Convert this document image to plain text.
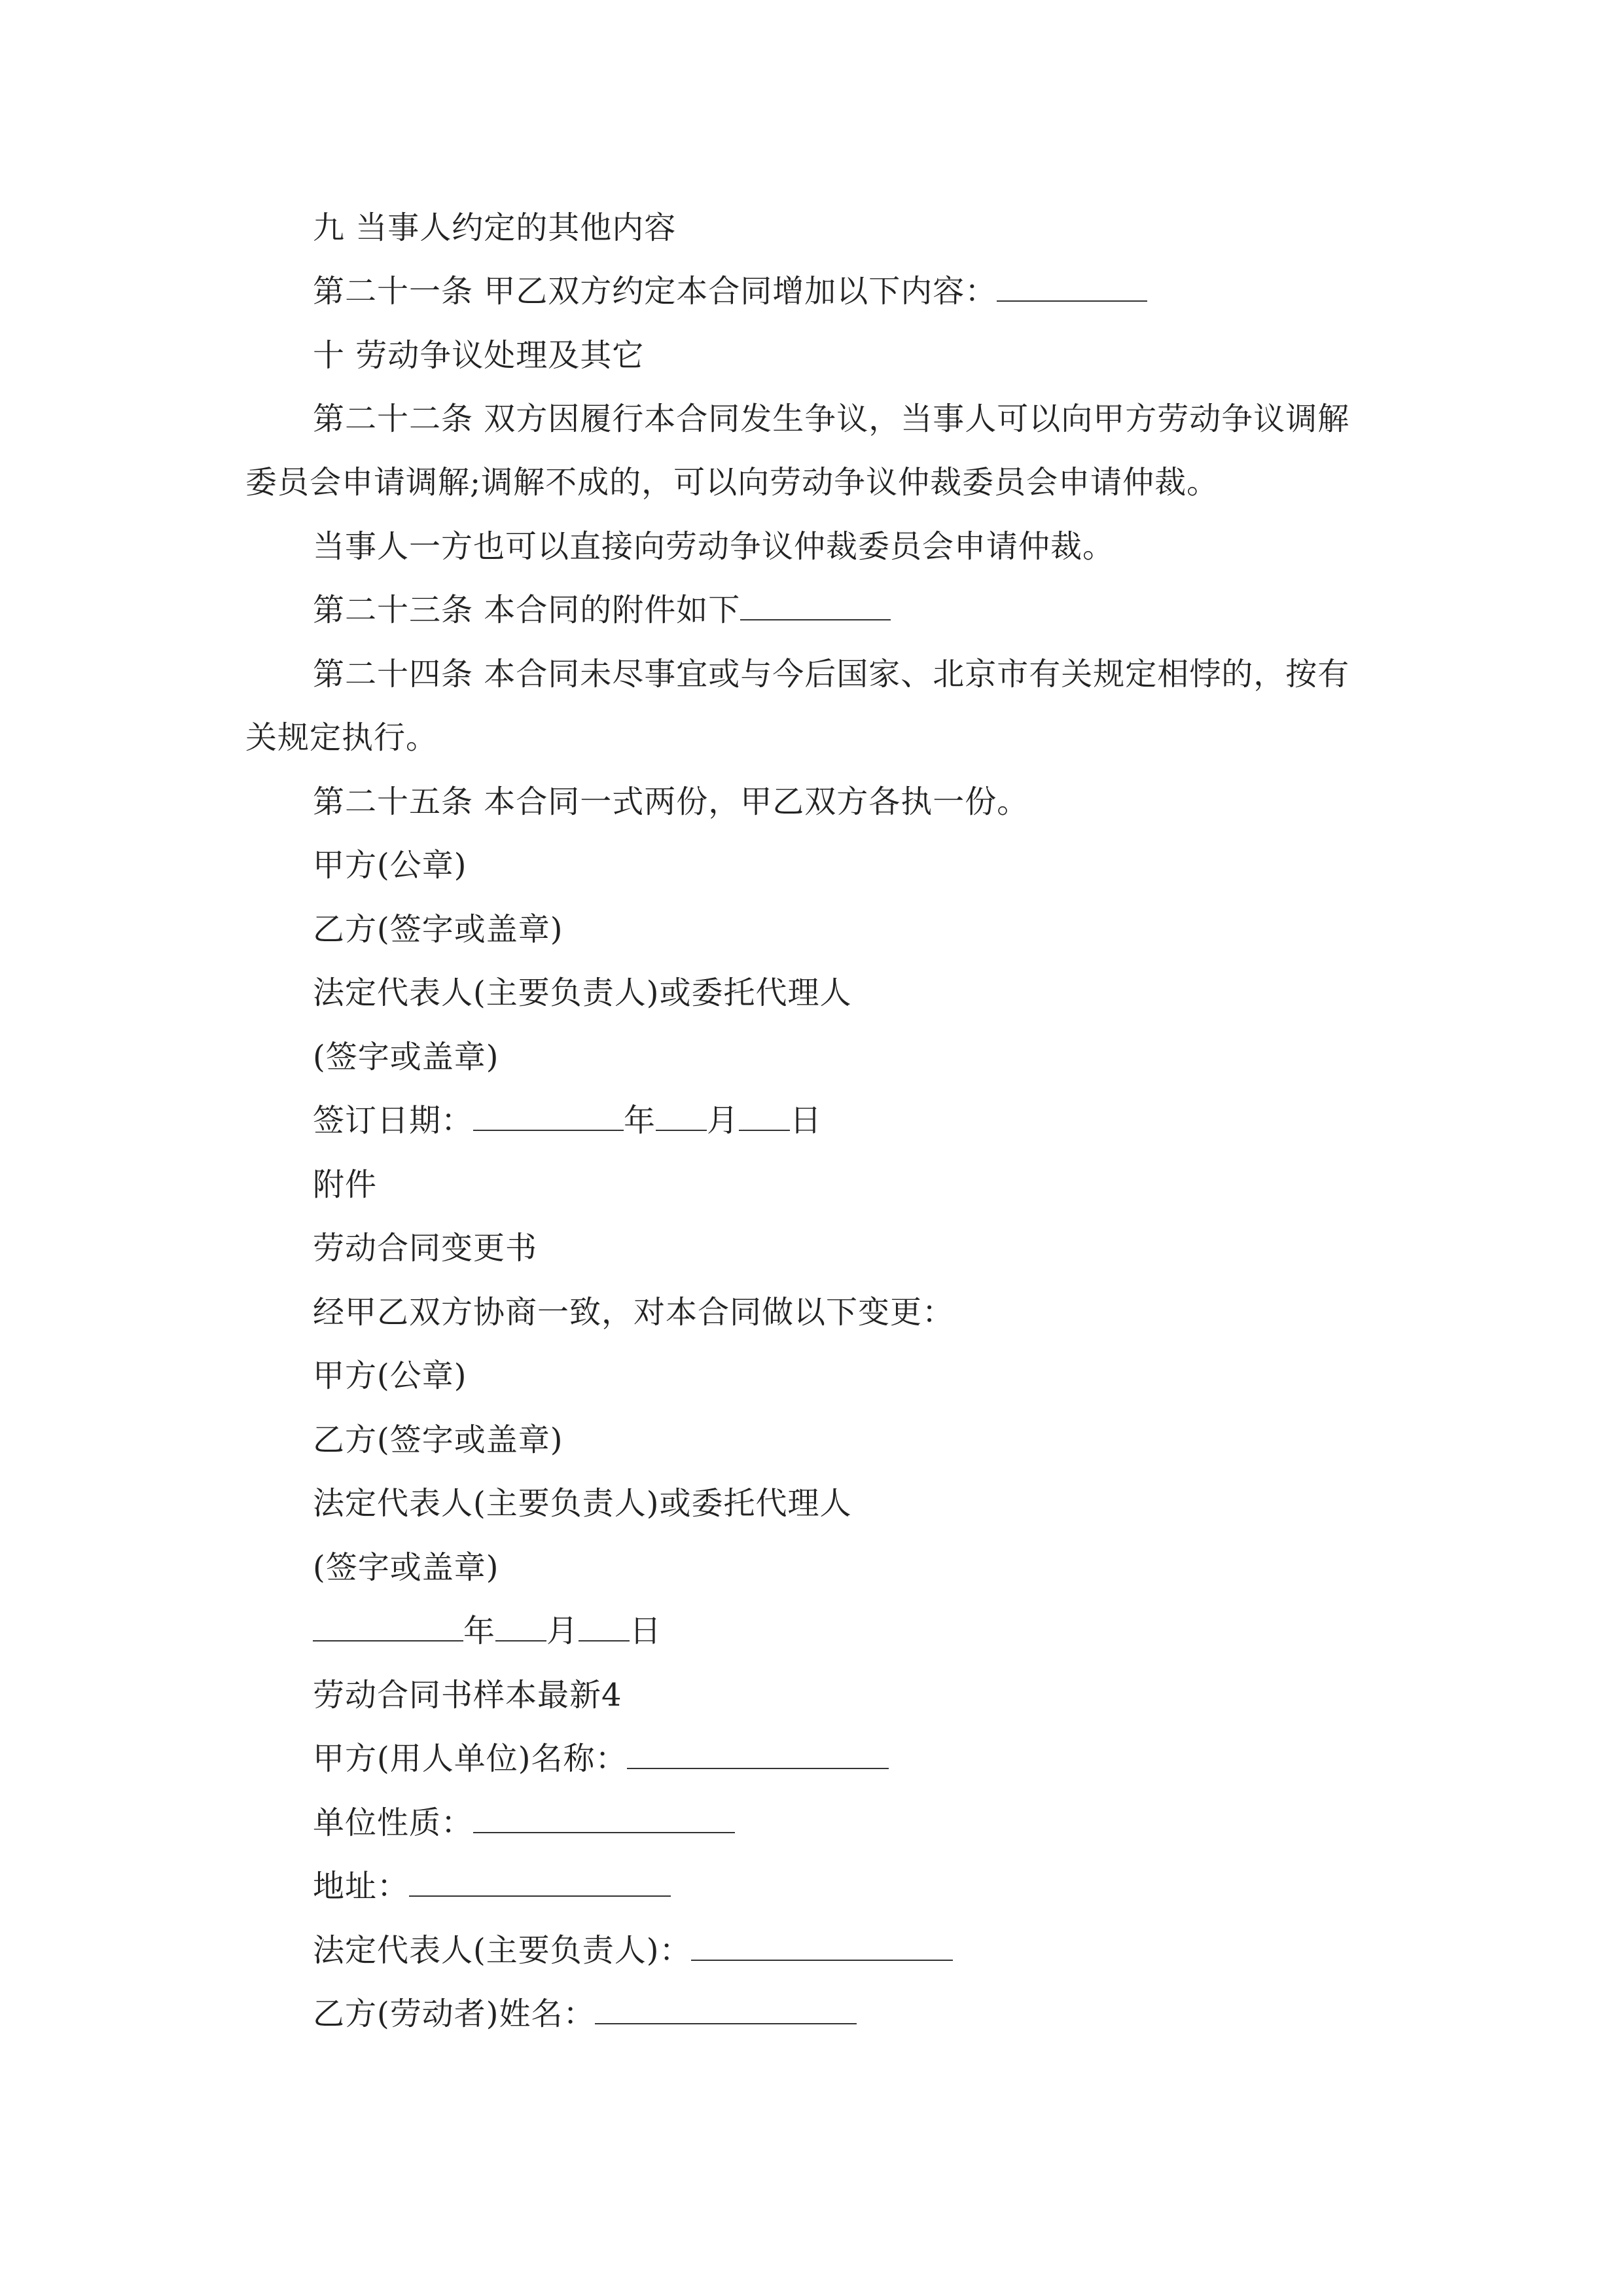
九 当事人约定的其他内容
第二十一条 甲乙双方约定本合同增加以下内容：
十 劳动争议处理及其它
第二十二条 双方因履行本合同发生争议，当事人可以向甲方劳动争议调解
委员会申请调解;调解不成的，可以向劳动争议仲裁委员会申请仲裁。
当事人一方也可以直接向劳动争议仲裁委员会申请仲裁。
第二十三条 本合同的附件如下
第二十四条 本合同未尽事宜或与今后国家、北京市有关规定相悖的，按有
关规定执行。
第二十五条 本合同一式两份，甲乙双方各执一份。
甲方(公章)
乙方(签字或盖章)
法定代表人(主要负责人)或委托代理人
(签字或盖章)
签订日期：	年 月 日
附件
劳动合同变更书
经甲乙双方协商一致，对本合同做以下变更：
甲方(公章)
乙方(签字或盖章)
法定代表人(主要负责人)或委托代理人
(签字或盖章)
年 月 日
劳动合同书样本最新4
甲方(用人单位)名称：
单位性质：
地址：
法定代表人(主要负责人)：
乙方(劳动者)姓名：
